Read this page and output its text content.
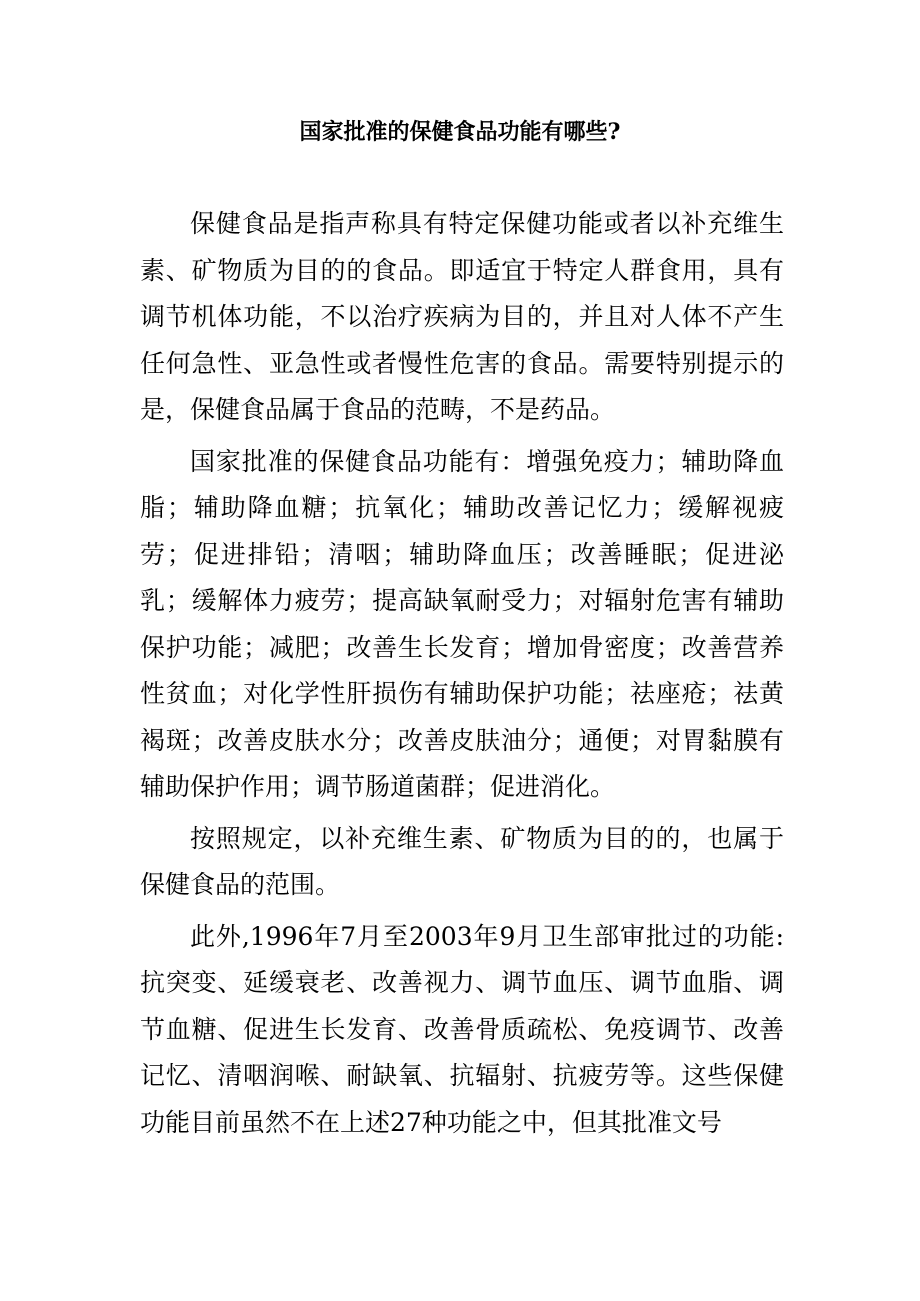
国家批准的保健食品功能有哪些?

保健食品是指声称具有特定保健功能或者以补充维生素、矿物质为目的的食品。即适宜于特定人群食用，具有调节机体功能，不以治疗疾病为目的，并且对人体不产生任何急性、亚急性或者慢性危害的食品。需要特别提示的是，保健食品属于食品的范畴，不是药品。

国家批准的保健食品功能有：增强免疫力；辅助降血脂；辅助降血糖；抗氧化；辅助改善记忆力；缓解视疲劳；促进排铅；清咽；辅助降血压；改善睡眠；促进泌乳；缓解体力疲劳；提高缺氧耐受力；对辐射危害有辅助保护功能；减肥；改善生长发育；增加骨密度；改善营养性贫血；对化学性肝损伤有辅助保护功能；祛座疮；祛黄褐斑；改善皮肤水分；改善皮肤油分；通便；对胃黏膜有辅助保护作用；调节肠道菌群；促进消化。

按照规定，以补充维生素、矿物质为目的的，也属于保健食品的范围。

此外,1996年7月至2003年9月卫生部审批过的功能: 抗突变、延缓衰老、改善视力、调节血压、调节血脂、调节血糖、促进生长发育、改善骨质疏松、免疫调节、改善记忆、清咽润喉、耐缺氧、抗辐射、抗疲劳等。这些保健功能目前虽然不在上述27种功能之中，但其批准文号
